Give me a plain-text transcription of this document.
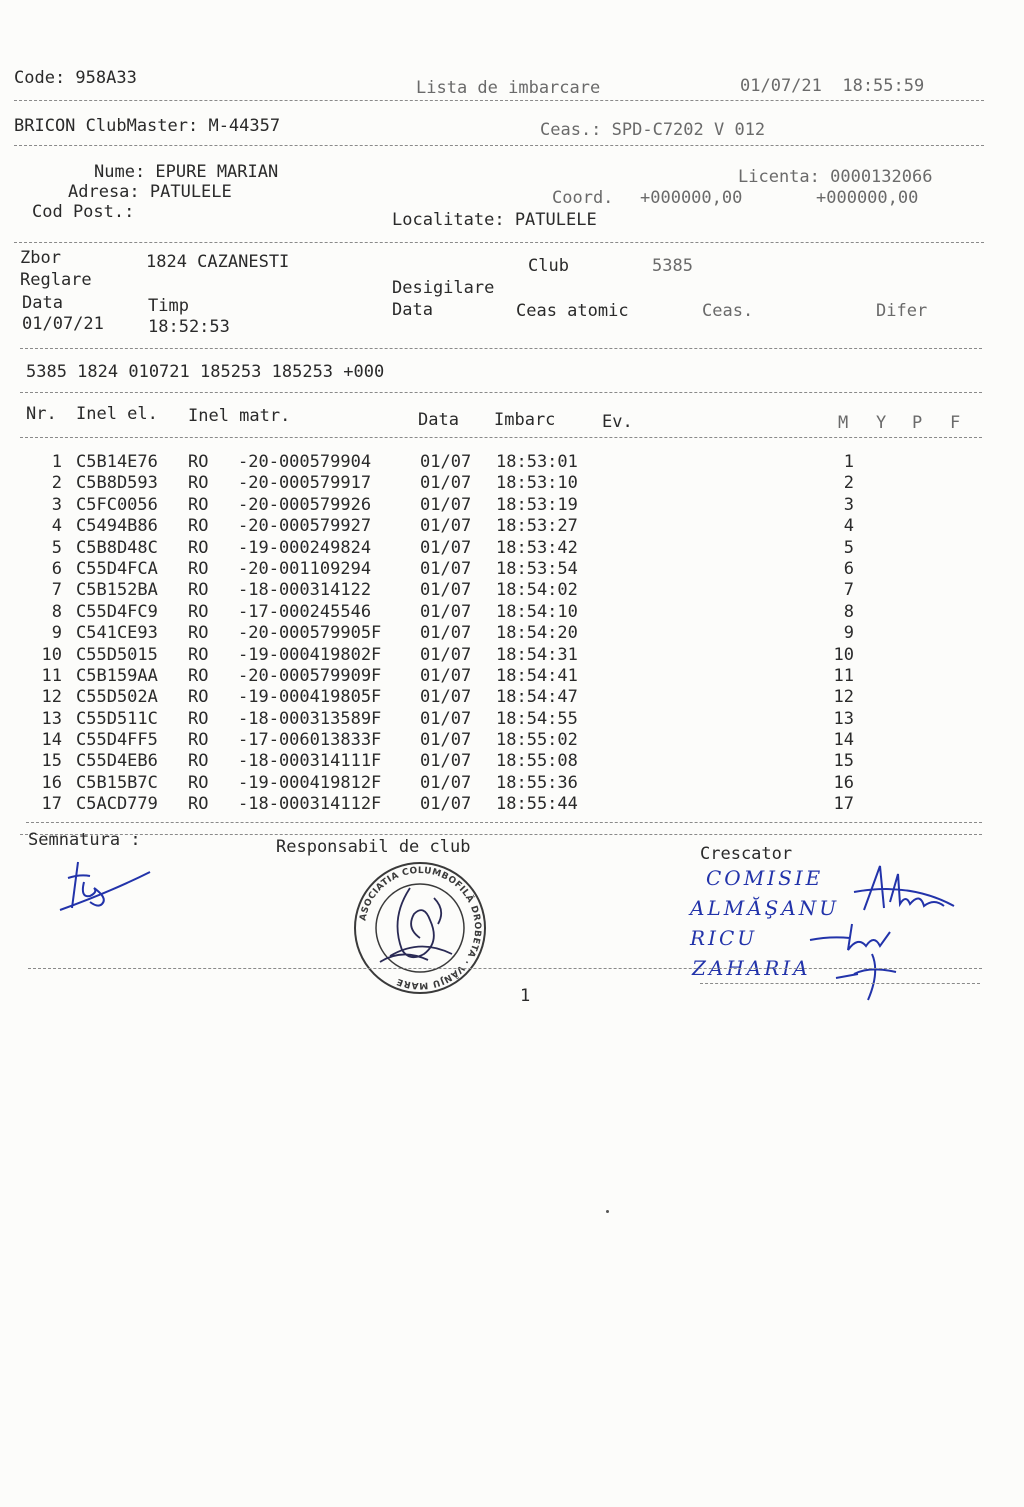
Code: 958A33	Lista de imbarcare	01/07/21  18:55:59
BRICON ClubMaster: M-44357	Ceas.: SPD-C7202 V 012
Nume: EPURE MARIAN
Adresa: PATULELE
Cod Post.:
Licenta: 0000132066
Coord. +000000,00	+000000,00
Localitate: PATULELE
Zbor	1824 CAZANESTI	Club	5385
Reglare	Desigilare
Data	Timp	Data	Ceas atomic	Ceas.	Difer
01/07/21	18:52:53
5385 1824 010721 185253 185253 +000
Nr. Inel el. Inel matr.	Data Imbarc	Ev.	M Y P F
1 C5B14E76 RO -20-000579904	01/07 18:53:01	1
2 C5B8D593 RO -20-000579917	01/07 18:53:10	2
3 C5FC0056 RO -20-000579926	01/07 18:53:19	3
4 C5494B86 RO -20-000579927	01/07 18:53:27	4
5 C5B8D48C RO -19-000249824	01/07 18:53:42	5
6 C55D4FCA RO -20-001109294	01/07 18:53:54	6
7 C5B152BA RO -18-000314122	01/07 18:54:02	7
8 C55D4FC9 RO -17-000245546	01/07 18:54:10	8
9 C541CE93 RO -20-000579905F 01/07 18:54:20	9
10 C55D5015 RO -19-000419802F 01/07 18:54:31	10
11 C5B159AA RO -20-000579909F 01/07 18:54:41	11
12 C55D502A RO -19-000419805F 01/07 18:54:47	12
13 C55D511C RO -18-000313589F 01/07 18:54:55	13
14 C55D4FF5 RO -17-006013833F 01/07 18:55:02	14
15 C55D4EB6 RO -18-000314111F 01/07 18:55:08	15
16 C5B15B7C RO -19-000419812F 01/07 18:55:36	16
17 C5ACD779 RO -18-000314112F 01/07 18:55:44	17
Semnatura :	Responsabil de club	Crescator
COMISIE
ALMĂŞANU
RICU
ZAHARIA
ASOCIATIA COLUMBOFILĂ DROBETA · VÂNJU MARE
1
